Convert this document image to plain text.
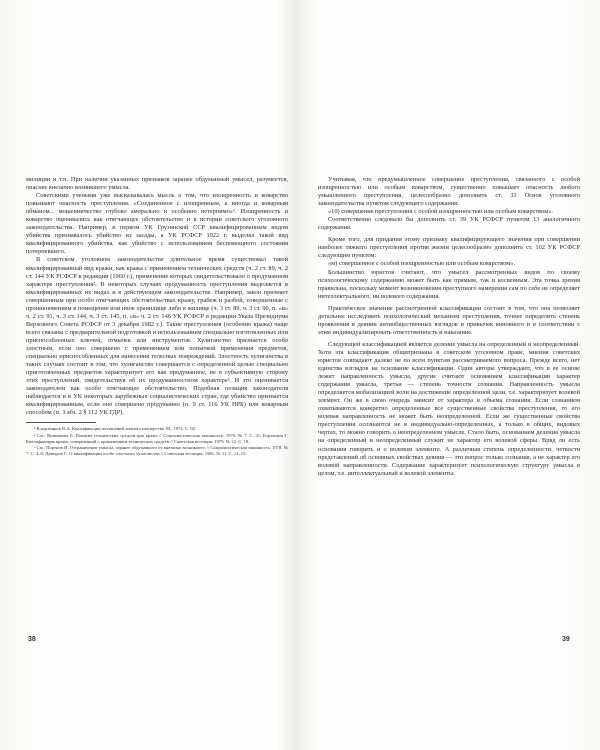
милиции и т.п. При наличии указанных признаков заранее обдуманный умысел, разумеется, опаснее внезапно возникшего умысла.

Советскими учеными уже высказывалась мысль о том, что изощренность и коварство повышают опасность преступления. «Соединенное с изощренным, а иногда и коварным обманом... мошенничество глубоко аморально и особенно нетерпимо»¹. Изощренность и коварство оценивались как отягчающее обстоятельство и в истории советского уголовного законодательства. Например, в первом УК Грузинской ССР квалифицированным видом убийства признавалось убийство из засады, а УК РСФСР 1922 г. выделял такой вид квалифицированного убийства, как убийство с использованием беспомощного состояния потерпевшего.

В советском уголовном законодательстве длительное время существовал такой квалифицированный вид кражи, как кража с применением технических средств (ч. 2 ст. 89, ч. 2 ст. 144 УК РСФСР в редакции (1960 г.), применение которых свидетельствовало о продуманном характере преступления². В некоторых случаях продуманность преступления выделяется в квалифицированных их видах и в действующем законодательстве. Например, закон признает совершенным при особо отягчающих обстоятельствах кражу, грабеж и разбой, совершенные с проникновением в помещение или иное хранилище либо в жилище (ч. 3 ст. 89, ч. 3 ст. 90, п. «в» ч. 2 ст. 91, ч. 3 ст. 144, ч. 3 ст. 145, п. «в» ч. 2 ст. 146 УК РСФСР в редакции Указа Президиума Верховного Совета РСФСР от 3 декабря 1982 г.). Такие преступления (особенно кража) чаще всего связаны с предварительной подготовкой и использованием специально изготовленных или приспособленных ключей, отмычек или инструментов. Хулиганство признается особо злостным, если оно совершено с применением или попыткой применения предметов, специально приспособленных для нанесения телесных повреждений. Злостность хулиганства в таких случаях состоит в том, что хулиганство совершается с определенной целью специально приготовленных предметов характеризует его как продуманное, не в субъективную сторону этих преступлений, свидетельствуя об их продуманностном характере³. И это оценивается законодателем как особо отягчающее обстоятельство. Подобная позиция законодателя наблюдается и в УК некоторых зарубежных социалистических стран, где убийство признается квалифицированным, если оно совершено продуманно (п. 9 ст. 116 УК НРБ) или коварным способом (п. 3 абз. 2 § 112 УК ГДР).

¹ Владимиров В.А. Квалификация похищений личного имущества. М., 1974. С. 92.

² См.: Воженкова Б. Понятие технических средств при краже // Социалистическая законность. 1979. № 7. С. 31; Борзенков Г. Квалификация кражи, совершенной с применением технических средств // Советская юстиция. 1979. № 22. С. 18.

³ См.: Портнов И. Отграничение умысла, заранее обдуманного от внезапно возникшего // Социалистическая законность. 1978. № 7. С. 4–8; Демидов С. О квалификации особо злостного хулиганства // Советская юстиция. 1981. № 11. С. 14–15.

Учитывая, что предумышленное совершение преступления, связанного с особой изощренностью или особым коварством, существенно повышает опасность любого умышленного преступления, целесообразно дополнить ст. 33 Основ уголовного законодательства пунктом следующего содержания:

«10) совершение преступления с особой изощренностью или особым коварством».

Соответственно следовало бы дополнить ст. 39 УК РСФСР пунктом 13 аналогичного содержания.

Кроме того, для придания этому признаку квалифицирующего значения при совершении наиболее тяжкого преступления против жизни целесообразно дополнить ст. 102 УК РСФСР следующим пунктом:

«м) совершенное с особой изощренностью или особым коварством».

Большинство юристов считают, что умысел рассмотренных видов по своему психологическому содержанию может быть как прямым, так и косвенным. Эта точка зрения правильна, поскольку момент возникновения преступного намерения сам по себе не определяет интеллектуального, ни волевого содержания.

Практическое значение рассмотренной классификации состоит в том, что она позволяет детальнее исследовать психологический механизм преступления, точнее определить степень проявления в деянии антиобщественных взглядов и привычек виновного и в соответствии с этим индивидуализировать ответственность и наказание.

Следующей классификацией является деление умысла на определенный и неопределенный. Хотя эта классификация общепризнана в советском уголовном праве, мнения советских юристов совпадают далеко не по всем пунктам рассматриваемого вопроса. Прежде всего, нет единства взглядов на основание классификации. Одни авторы утверждают, что в ее основе лежит направленность умысла, другие считают основанием классификации характер содержания умысла, третьи — степень точности сознания. Направленность умысла определяется мобилизацией воли на достижение определенной цели, т.е. характеризует волевой элемент. Он же в свою очередь зависит от характера и объема сознания. Если сознанием охватываются конкретно определенные все существенные свойства преступления, то его волевая направленность не может быть неопределенной. Если же существенные свойства преступления осознаются не в индивидуально-определенных, а только в общих, видовых чертах, то можно говорить о неопределенном умысле. Стало быть, основанием деления умысла на определенный и неопределенный служит не характер его волевой сферы. Вряд ли есть основания говорить и о волевом элементе. А различная степень определенности, четкости представлений об основных свойствах деяния — это вопрос только сознания, а не характер его волевой направленности. Содержание характеризует психологическую структуру умысла в целом, т.е. интеллектуальный и волевой элементы.

38	39
